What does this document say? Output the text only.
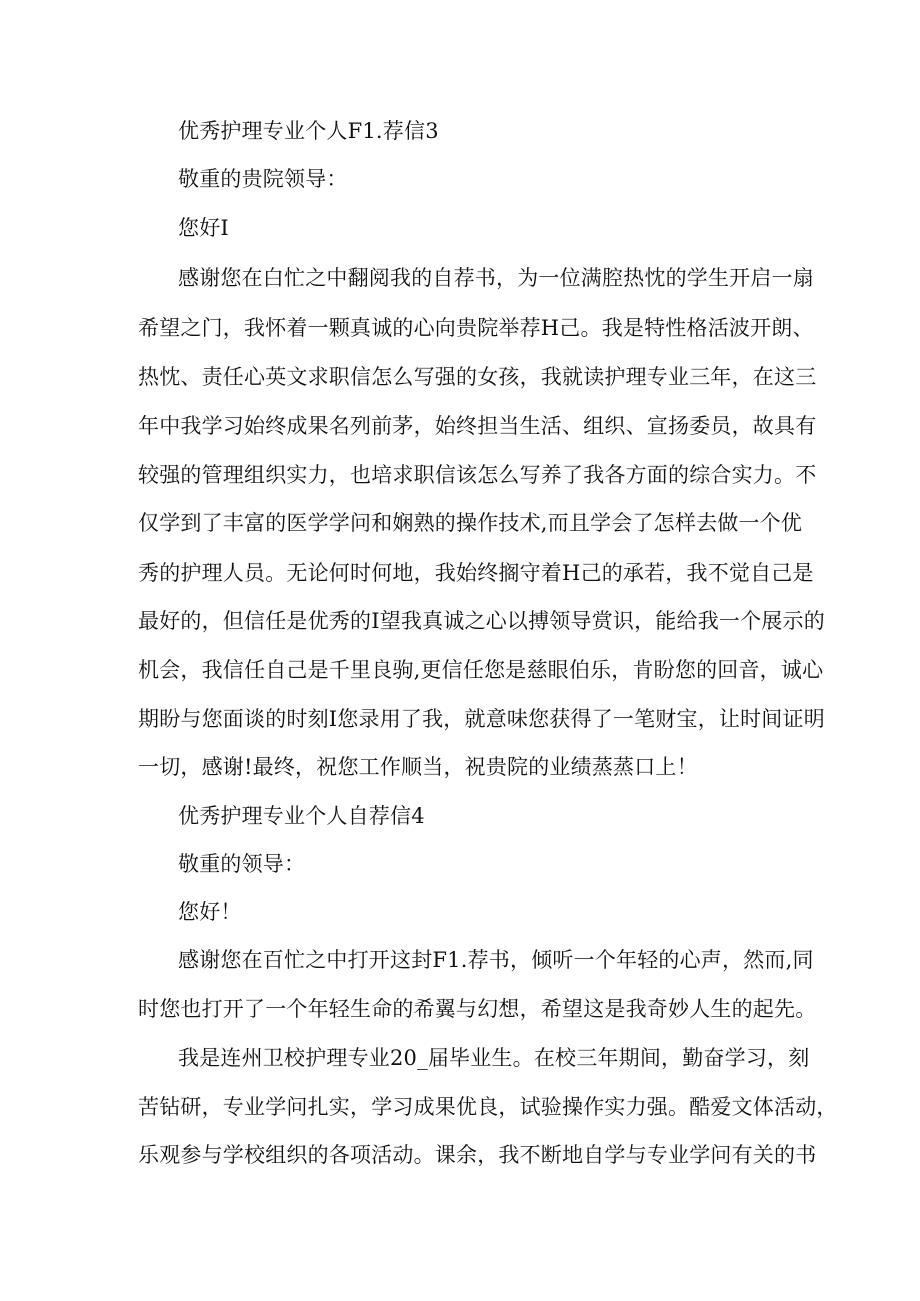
优秀护理专业个人F1.荐信3
敬重的贵院领导：
您好I
感谢您在白忙之中翻阅我的自荐书，为一位满腔热忱的学生开启一扇
希望之门，我怀着一颗真诚的心向贵院举荐H己。我是特性格活波开朗、
热忱、责任心英文求职信怎么写强的女孩，我就读护理专业三年，在这三
年中我学习始终成果名列前茅，始终担当生活、组织、宣扬委员，故具有
较强的管理组织实力，也培求职信该怎么写养了我各方面的综合实力。不
仅学到了丰富的医学学问和娴熟的操作技术,而且学会了怎样去做一个优
秀的护理人员。无论何时何地，我始终搁守着H己的承若，我不觉自己是
最好的，但信任是优秀的I望我真诚之心以搏领导赏识，能给我一个展示的
机会，我信任自己是千里良驹,更信任您是慈眼伯乐，肯盼您的回音，诚心
期盼与您面谈的时刻I您录用了我，就意味您获得了一笔财宝，让时间证明
一切，感谢!最终，祝您工作顺当，祝贵院的业绩蒸蒸口上！
优秀护理专业个人自荐信4
敬重的领导：
您好！
感谢您在百忙之中打开这封F1.荐书，倾听一个年轻的心声，然而,同
时您也打开了一个年轻生命的希翼与幻想，希望这是我奇妙人生的起先。
我是连州卫校护理专业20_届毕业生。在校三年期间，勤奋学习，刻
苦钻研，专业学问扎实，学习成果优良，试验操作实力强。酷爱文体活动，
乐观参与学校组织的各项活动。课余，我不断地自学与专业学问有关的书
